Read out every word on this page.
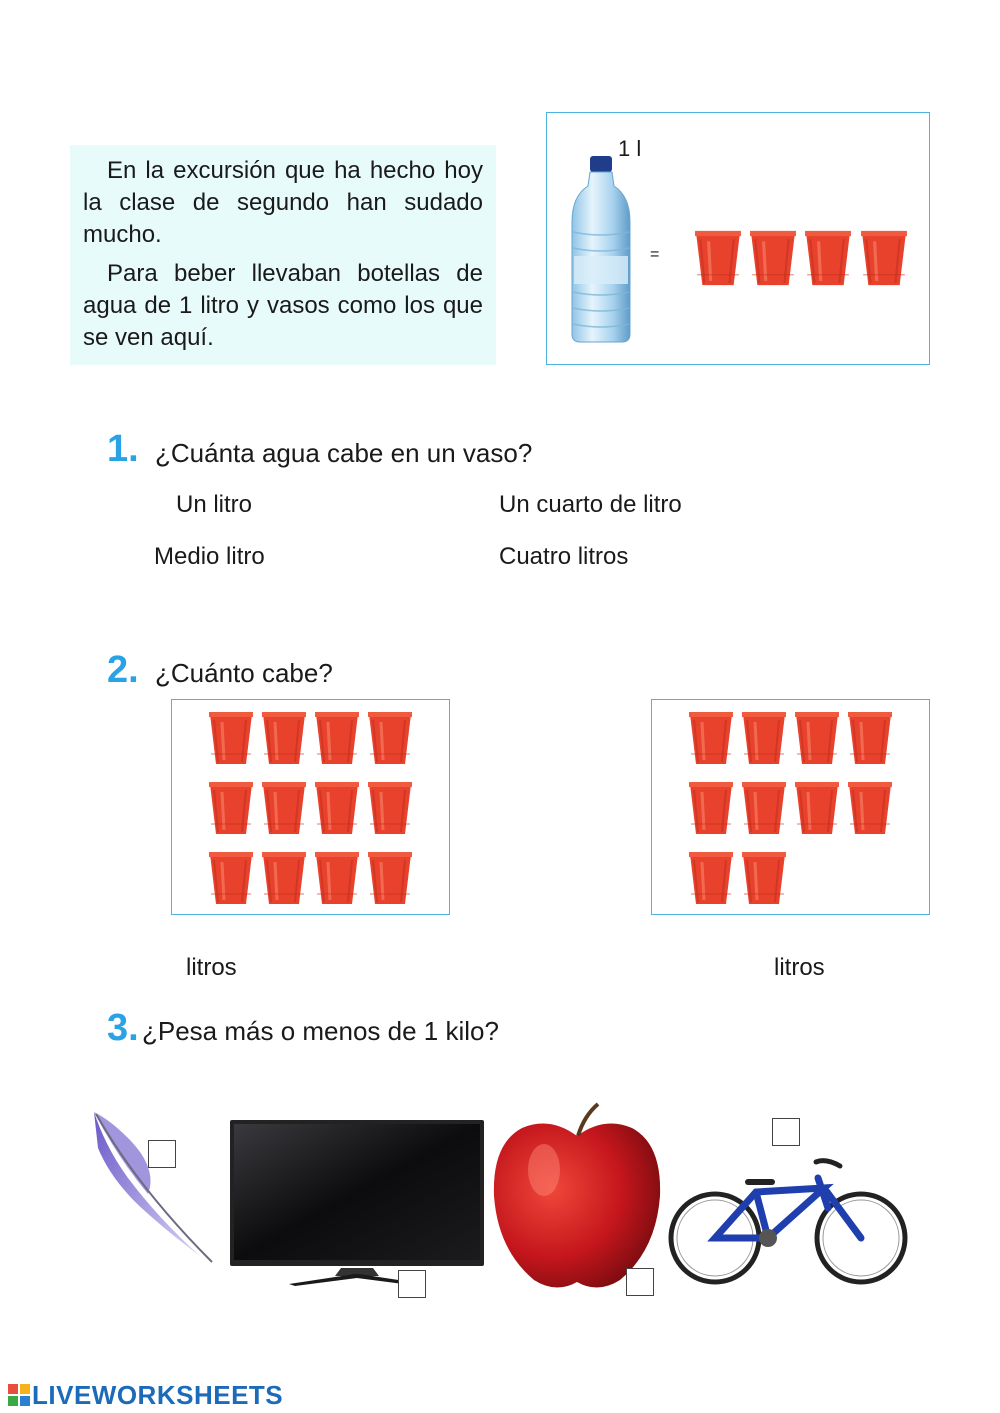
En la excursión que ha hecho hoy la clase de segundo han sudado mucho.

Para beber llevaban botellas de agua de 1 litro y vasos como los que se ven aquí.

1 l
=
1. ¿Cuánta agua cabe en un vaso?
Un litro	Un cuarto de litro
Medio litro	Cuatro litros
2. ¿Cuánto cabe?
litros	litros
3. ¿Pesa más o menos de 1 kilo?
LIVEWORKSHEETS
